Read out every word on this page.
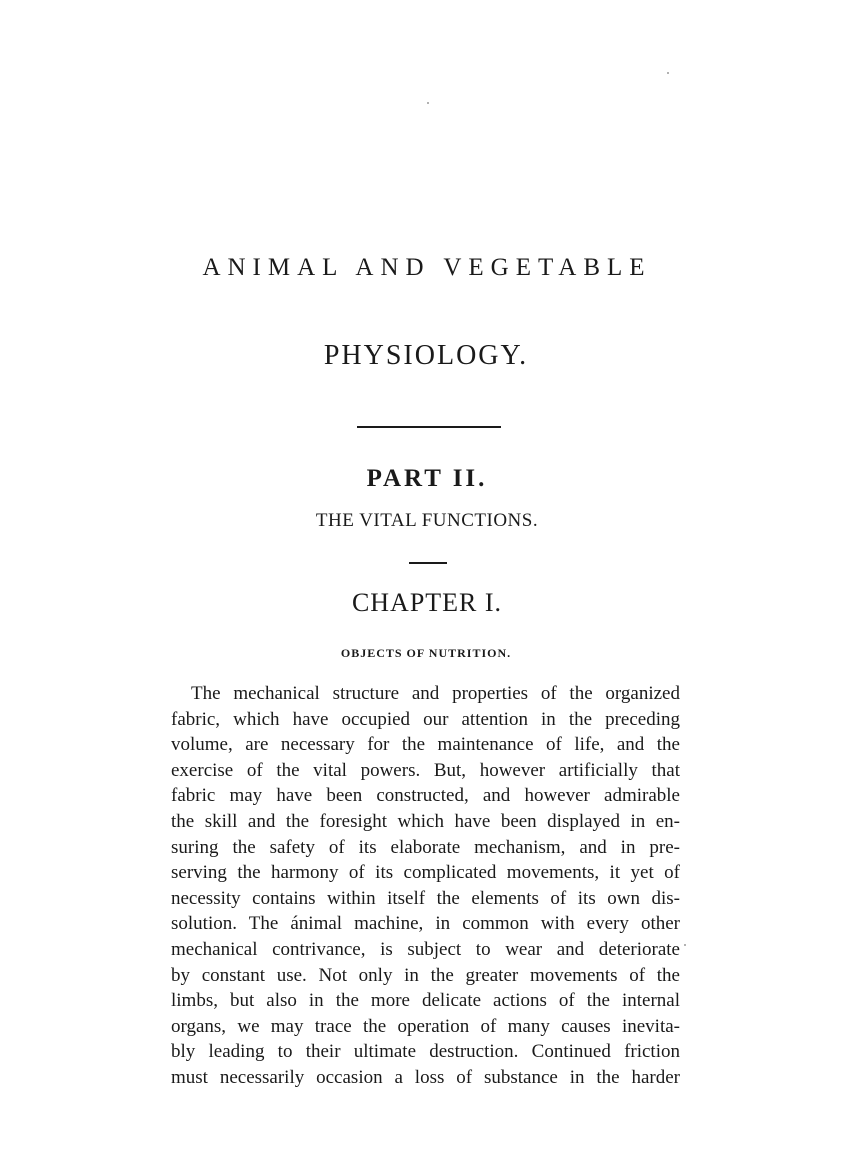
ANIMAL AND VEGETABLE
PHYSIOLOGY.
PART II.
THE VITAL FUNCTIONS.
CHAPTER I.
OBJECTS OF NUTRITION.
The mechanical structure and properties of the organized
fabric, which have occupied our attention in the preceding
volume, are necessary for the maintenance of life, and the
exercise of the vital powers. But, however artificially that
fabric may have been constructed, and however admirable
the skill and the foresight which have been displayed in en-
suring the safety of its elaborate mechanism, and in pre-
serving the harmony of its complicated movements, it yet of
necessity contains within itself the elements of its own dis-
solution. The ánimal machine, in common with every other
mechanical contrivance, is subject to wear and deteriorate
by constant use. Not only in the greater movements of the
limbs, but also in the more delicate actions of the internal
organs, we may trace the operation of many causes inevita-
bly leading to their ultimate destruction. Continued friction
must necessarily occasion a loss of substance in the harder
